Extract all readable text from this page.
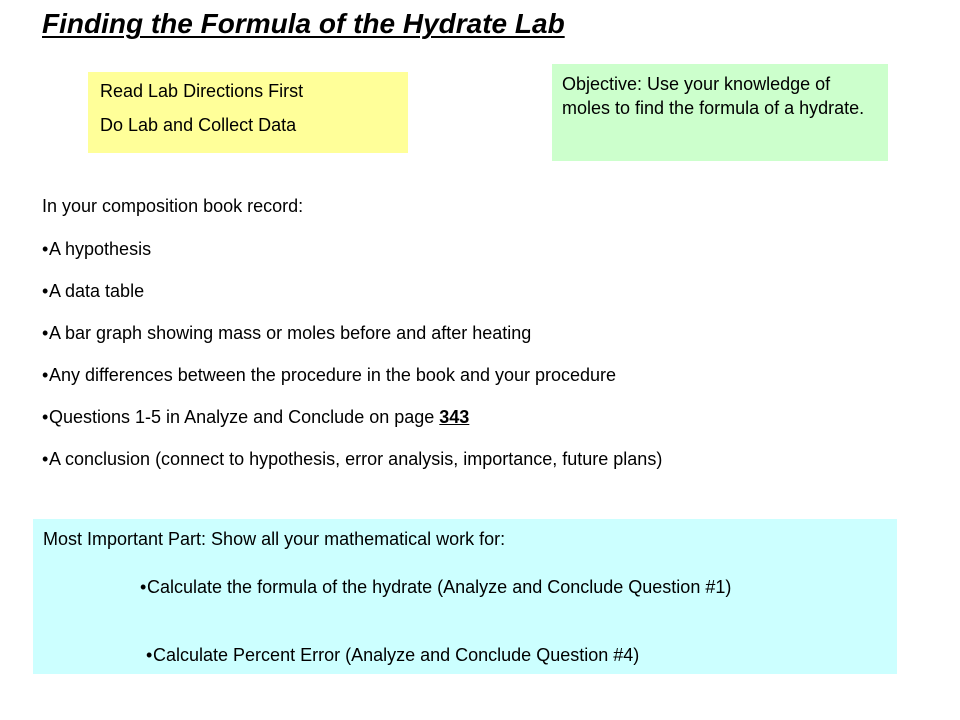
Finding the Formula of the Hydrate Lab
Read Lab Directions First
Do Lab and Collect Data
Objective: Use your knowledge of moles to find the formula of a hydrate.
In your composition book record:
•A hypothesis
•A data table
•A bar graph showing mass or moles before and after heating
•Any differences between the procedure in the book and your procedure
•Questions 1-5 in Analyze and Conclude on page 343
•A conclusion (connect to hypothesis, error analysis, importance, future plans)
Most Important Part: Show all your mathematical work for:
•Calculate the formula of the hydrate (Analyze and Conclude Question #1)
•Calculate Percent Error (Analyze and Conclude Question #4)
